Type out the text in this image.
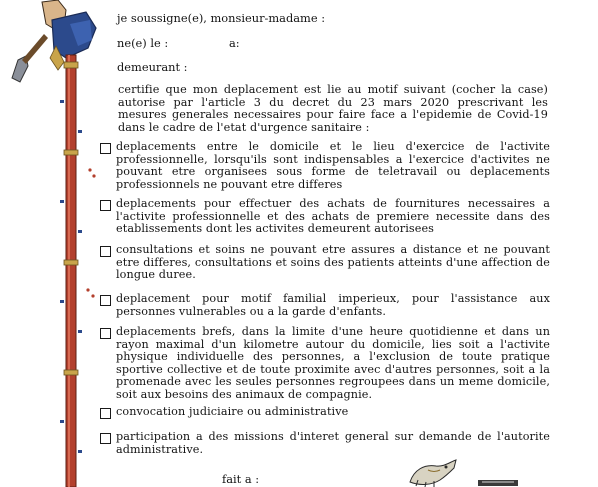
je soussigne(e), monsieur-madame :
ne(e) le :	a:
demeurant :
certifie que mon deplacement est lie au motif suivant (cocher la case) autorise par l'article 3 du decret du 23 mars 2020 prescrivant les mesures generales necessaires pour faire face a l'epidemie de Covid-19 dans le cadre de l'etat d'urgence sanitaire :
deplacements entre le domicile et le lieu d'exercice de l'activite professionnelle, lorsqu'ils sont indispensables a l'exercice d'activites ne pouvant etre organisees sous forme de teletravail ou deplacements professionnels ne pouvant etre differes
deplacements pour effectuer des achats de fournitures necessaires a l'activite professionnelle et des achats de premiere necessite dans des etablissements dont les activites demeurent autorisees
consultations et soins ne pouvant etre assures a distance et ne pouvant etre differes, consultations et soins des patients atteints d'une affection de longue duree.
deplacement pour motif familial imperieux, pour l'assistance aux personnes vulnerables ou a la garde d'enfants.
deplacements brefs, dans la limite d'une heure quotidienne et dans un rayon maximal d'un kilometre autour du domicile, lies soit a l'activite physique individuelle des personnes, a l'exclusion de toute pratique sportive collective et de toute proximite avec d'autres personnes, soit a la promenade avec les seules personnes regroupees dans un meme domicile, soit aux besoins des animaux de compagnie.
convocation judiciaire ou administrative
participation a des missions d'interet general sur demande de l'autorite administrative.
fait a :
